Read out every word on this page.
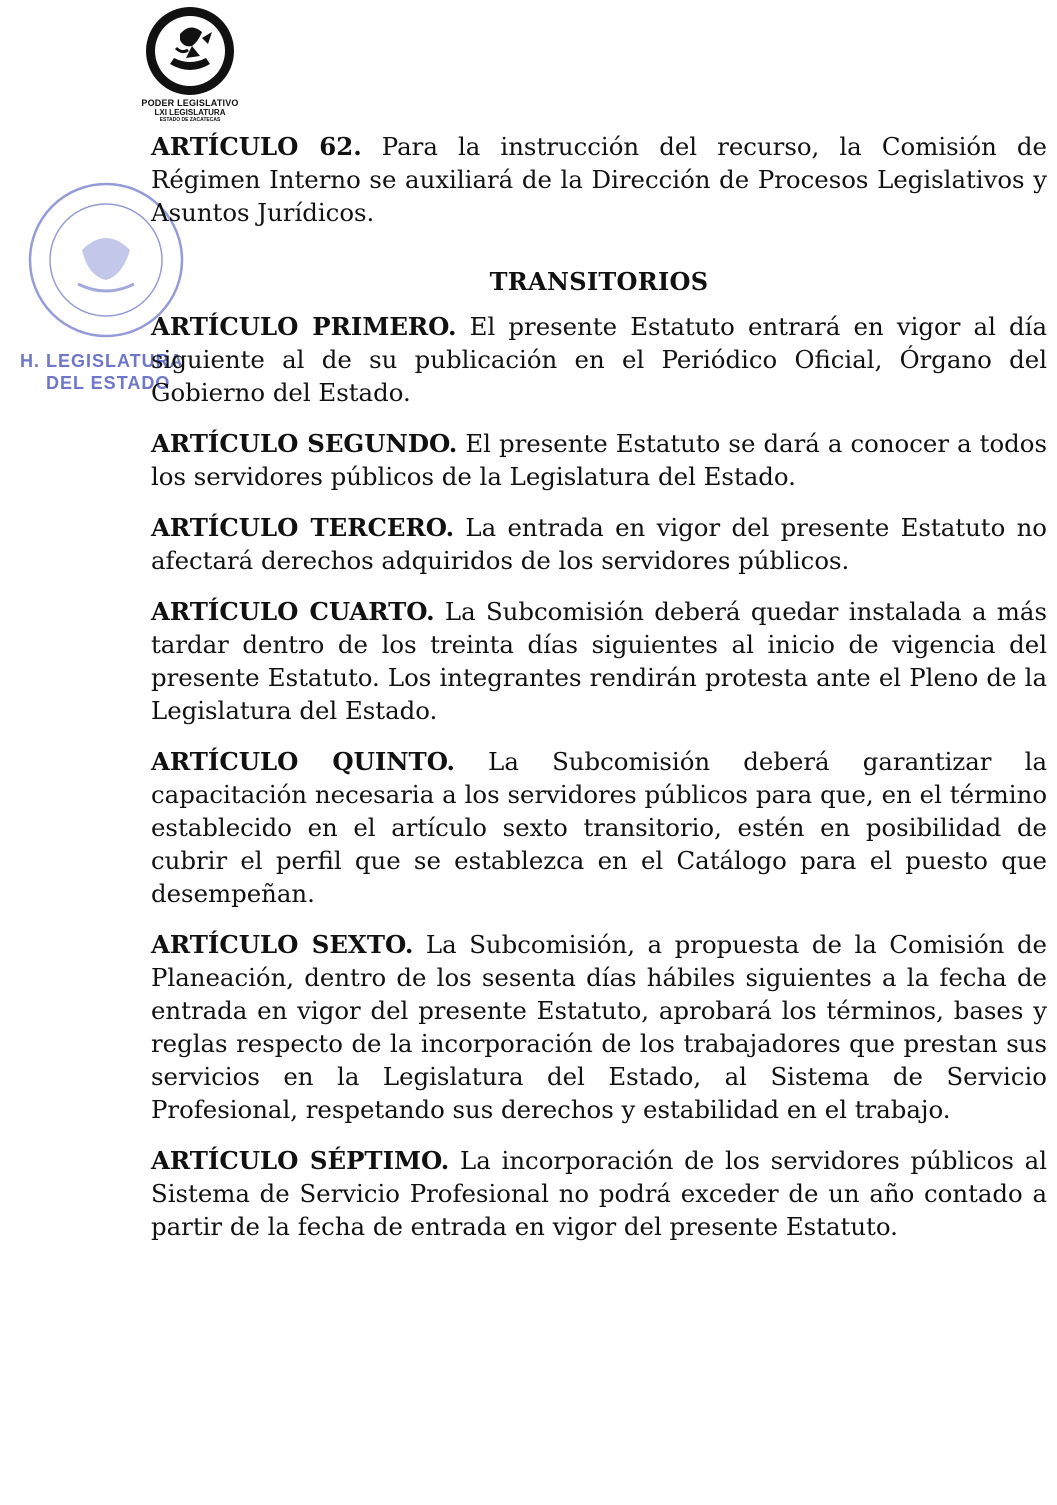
PODER LEGISLATIVO
LXI LEGISLATURA
ESTADO DE ZACATECAS
H. LEGISLATURA
DEL ESTADO

ARTÍCULO 62. Para la instrucción del recurso, la Comisión de Régimen Interno se auxiliará de la Dirección de Procesos Legislativos y Asuntos Jurídicos.

TRANSITORIOS

ARTÍCULO PRIMERO. El presente Estatuto entrará en vigor al día siguiente al de su publicación en el Periódico Oficial, Órgano del Gobierno del Estado.

ARTÍCULO SEGUNDO. El presente Estatuto se dará a conocer a todos los servidores públicos de la Legislatura del Estado.

ARTÍCULO TERCERO. La entrada en vigor del presente Estatuto no afectará derechos adquiridos de los servidores públicos.

ARTÍCULO CUARTO. La Subcomisión deberá quedar instalada a más tardar dentro de los treinta días siguientes al inicio de vigencia del presente Estatuto. Los integrantes rendirán protesta ante el Pleno de la Legislatura del Estado.

ARTÍCULO QUINTO. La Subcomisión deberá garantizar la capacitación necesaria a los servidores públicos para que, en el término establecido en el artículo sexto transitorio, estén en posibilidad de cubrir el perfil que se establezca en el Catálogo para el puesto que desempeñan.

ARTÍCULO SEXTO. La Subcomisión, a propuesta de la Comisión de Planeación, dentro de los sesenta días hábiles siguientes a la fecha de entrada en vigor del presente Estatuto, aprobará los términos, bases y reglas respecto de la incorporación de los trabajadores que prestan sus servicios en la Legislatura del Estado, al Sistema de Servicio Profesional, respetando sus derechos y estabilidad en el trabajo.

ARTÍCULO SÉPTIMO. La incorporación de los servidores públicos al Sistema de Servicio Profesional no podrá exceder de un año contado a partir de la fecha de entrada en vigor del presente Estatuto.
